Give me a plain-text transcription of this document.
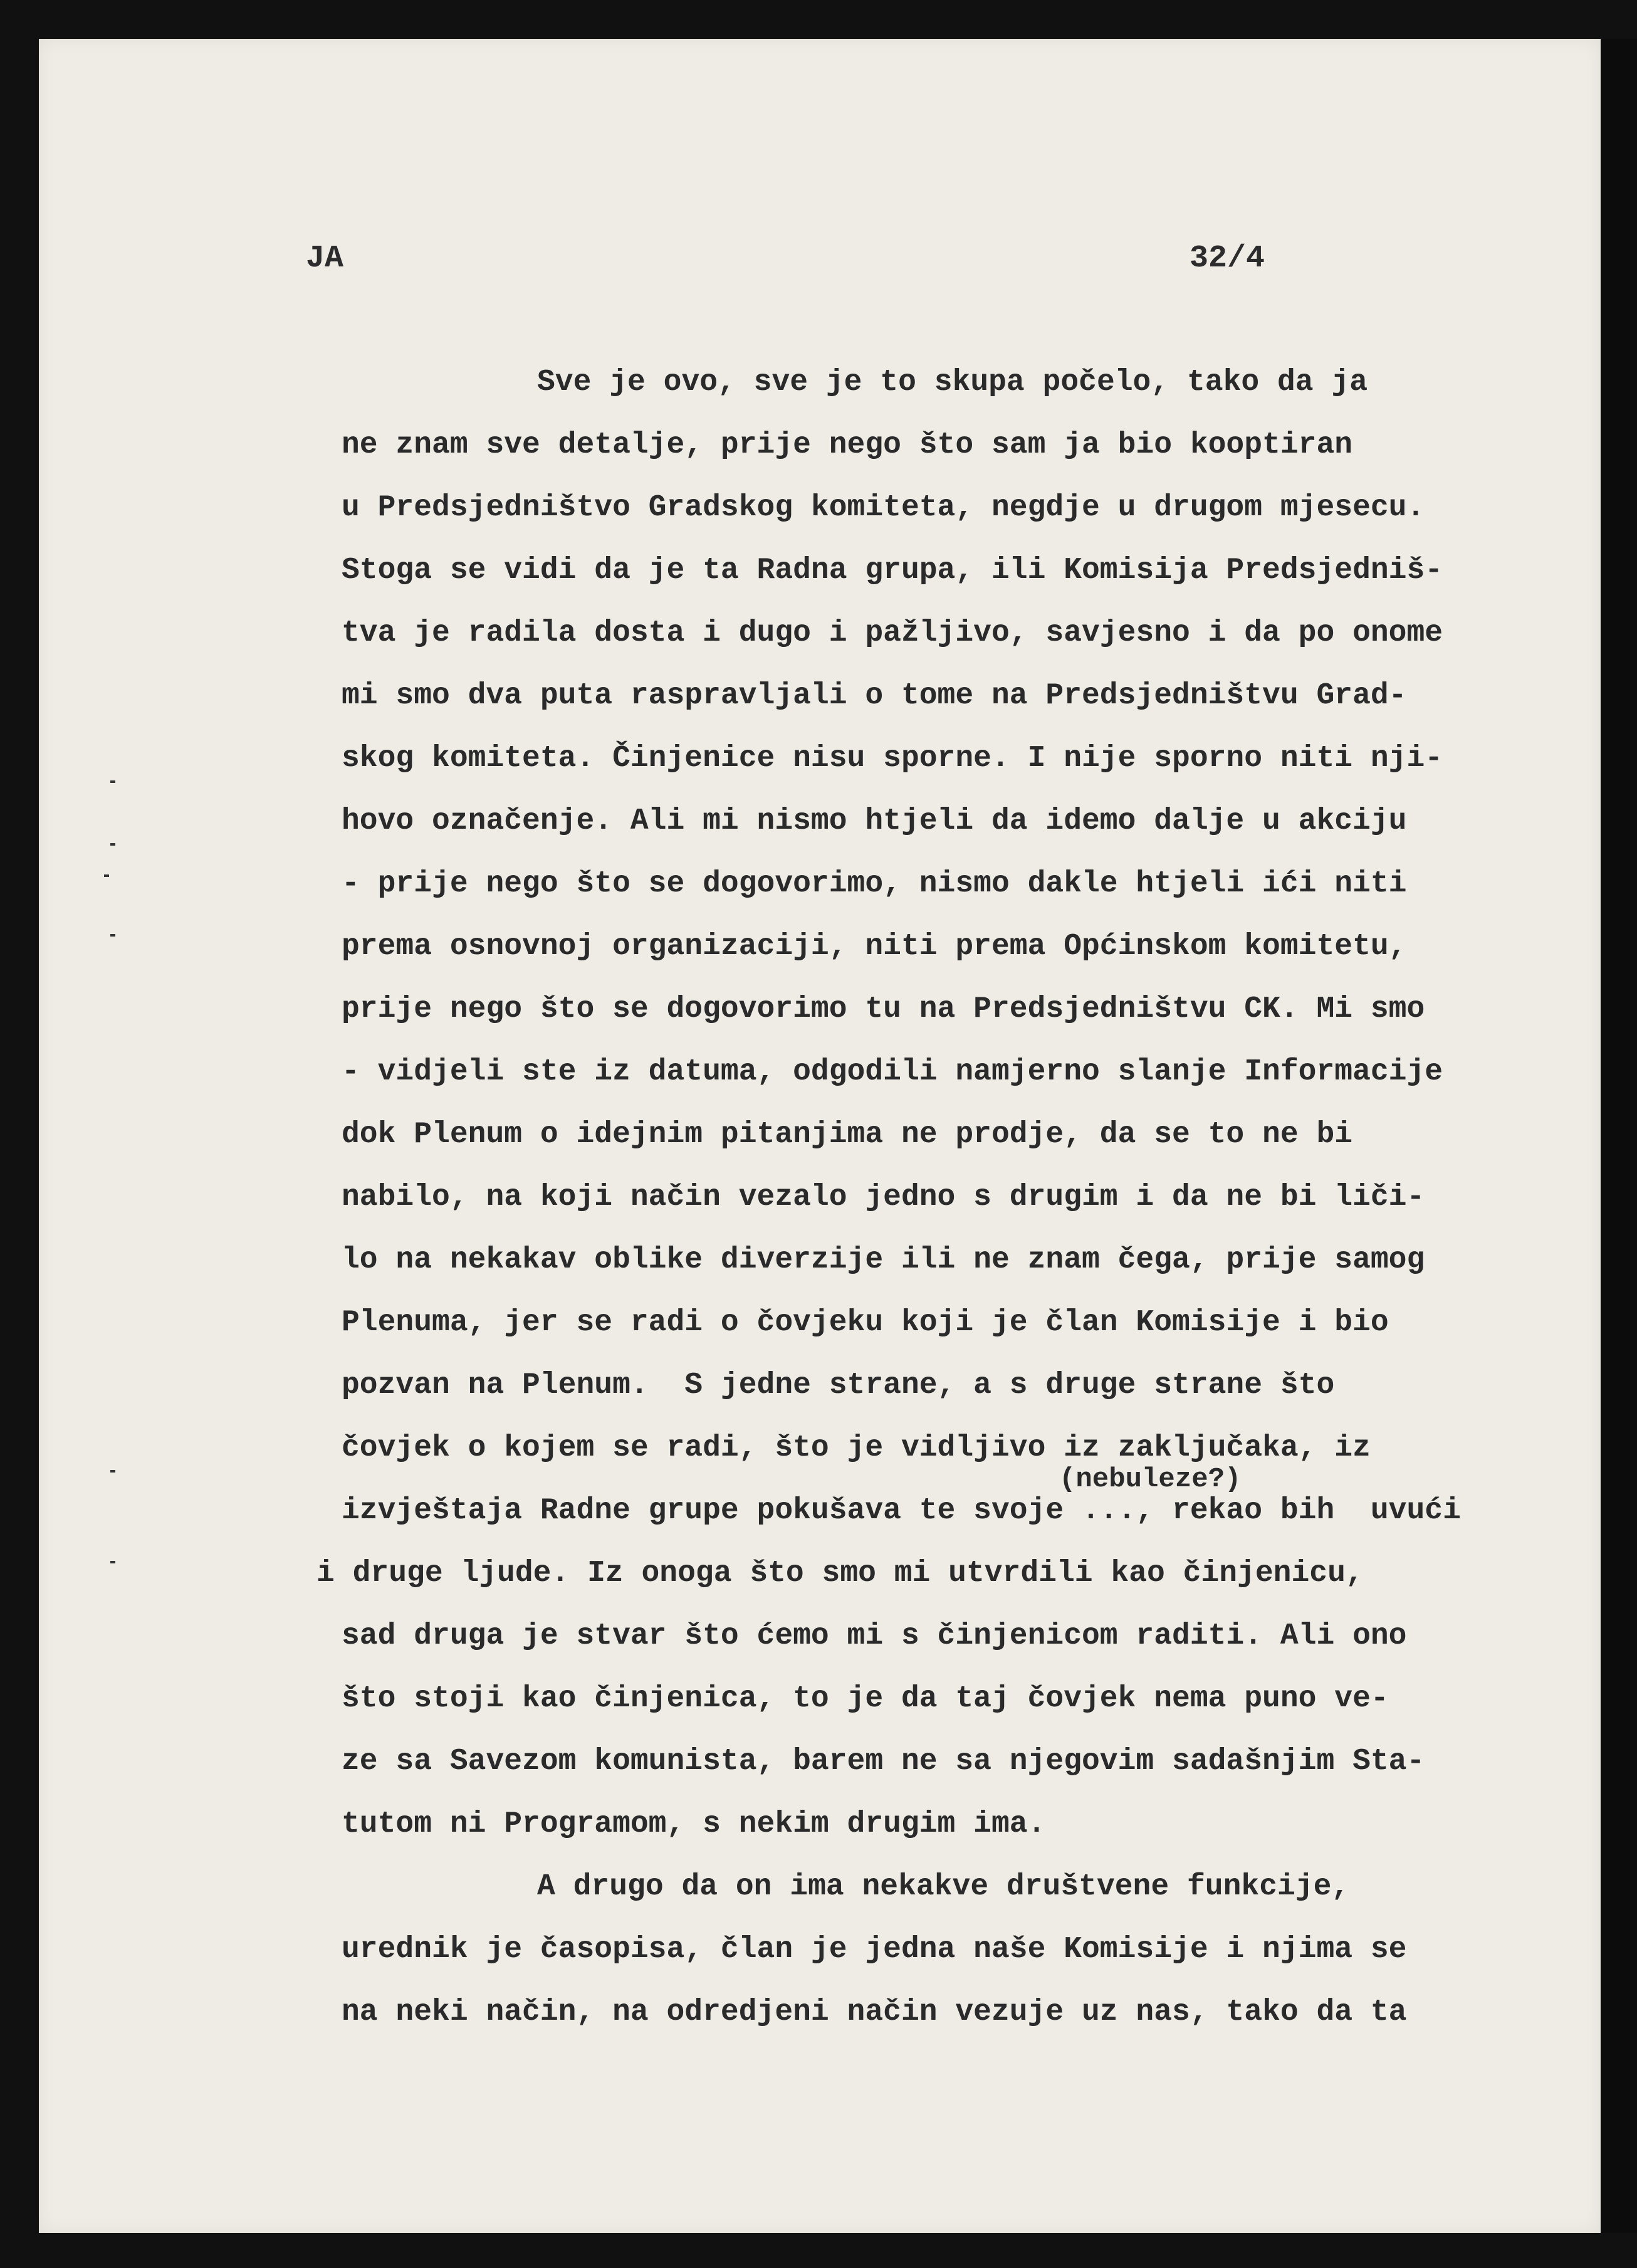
JA	32/4
Sve je ovo, sve je to skupa počelo, tako da ja
ne znam sve detalje, prije nego što sam ja bio kooptiran
u Predsjedništvo Gradskog komiteta, negdje u drugom mjesecu.
Stoga se vidi da je ta Radna grupa, ili Komisija Predsjedniš-
tva je radila dosta i dugo i pažljivo, savjesno i da po onome
mi smo dva puta raspravljali o tome na Predsjedništvu Grad-
skog komiteta. Činjenice nisu sporne. I nije sporno niti nji-
hovo označenje. Ali mi nismo htjeli da idemo dalje u akciju
- prije nego što se dogovorimo, nismo dakle htjeli ići niti
prema osnovnoj organizaciji, niti prema Općinskom komitetu,
prije nego što se dogovorimo tu na Predsjedništvu CK. Mi smo
- vidjeli ste iz datuma, odgodili namjerno slanje Informacije
dok Plenum o idejnim pitanjima ne prodje, da se to ne bi
nabilo, na koji način vezalo jedno s drugim i da ne bi liči-
lo na nekakav oblike diverzije ili ne znam čega, prije samog
Plenuma, jer se radi o čovjeku koji je član Komisije i bio
pozvan na Plenum.  S jedne strane, a s druge strane što
čovjek o kojem se radi, što je vidljivo iz zaključaka, iz
izvještaja Radne grupe pokušava te svoje ..., rekao bih  uvući
i druge ljude. Iz onoga što smo mi utvrdili kao činjenicu,
sad druga je stvar što ćemo mi s činjenicom raditi. Ali ono
što stoji kao činjenica, to je da taj čovjek nema puno ve-
ze sa Savezom komunista, barem ne sa njegovim sadašnjim Sta-
tutom ni Programom, s nekim drugim ima.
A drugo da on ima nekakve društvene funkcije,
urednik je časopisa, član je jedna naše Komisije i njima se
na neki način, na odredjeni način vezuje uz nas, tako da ta
(nebuleze?)
